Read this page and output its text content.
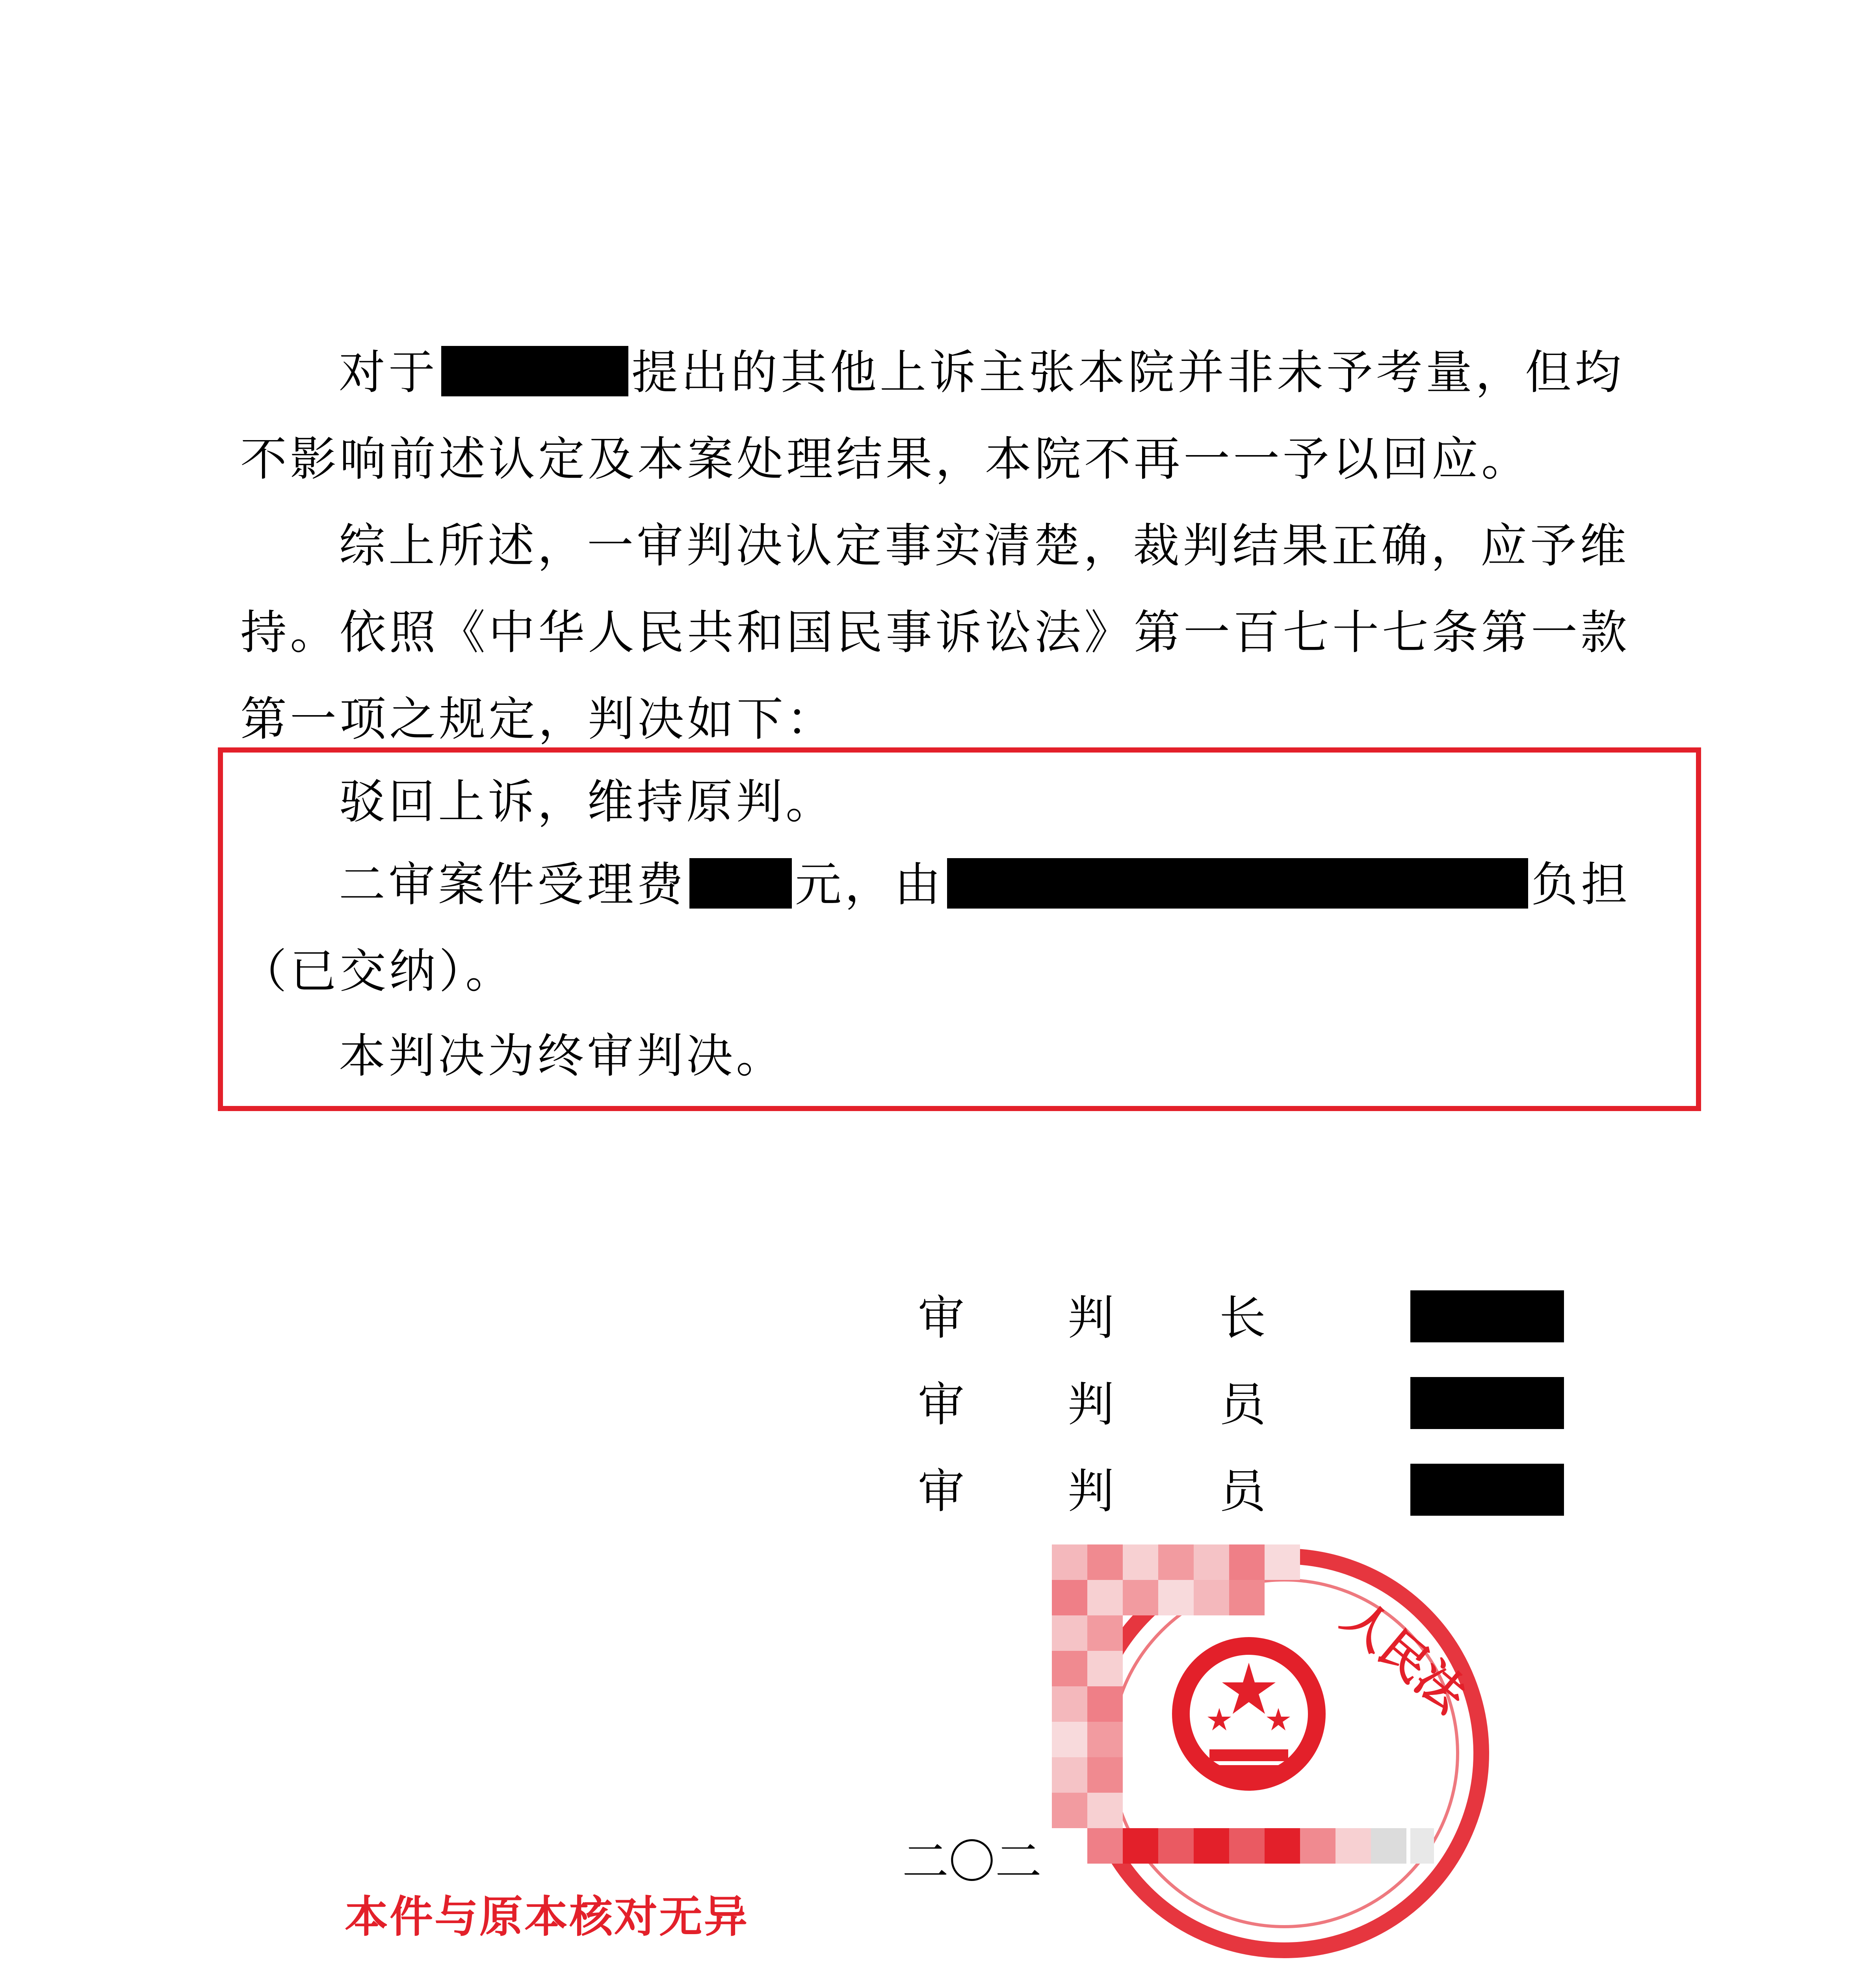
对于	提出的其他上诉主张本院并非未予考量，但均
不影响前述认定及本案处理结果，本院不再一一予以回应。
综上所述，一审判决认定事实清楚，裁判结果正确，应予维
持。依照《中华人民共和国民事诉讼法》第一百七十七条第一款
第一项之规定，判决如下：
驳回上诉，维持原判。
二审案件受理费 元，由	负担
（已交纳）。
本判决为终审判决。
审 判 长
审 判 员
审 判 员
二〇二
人民法
本件与原本核对无异
